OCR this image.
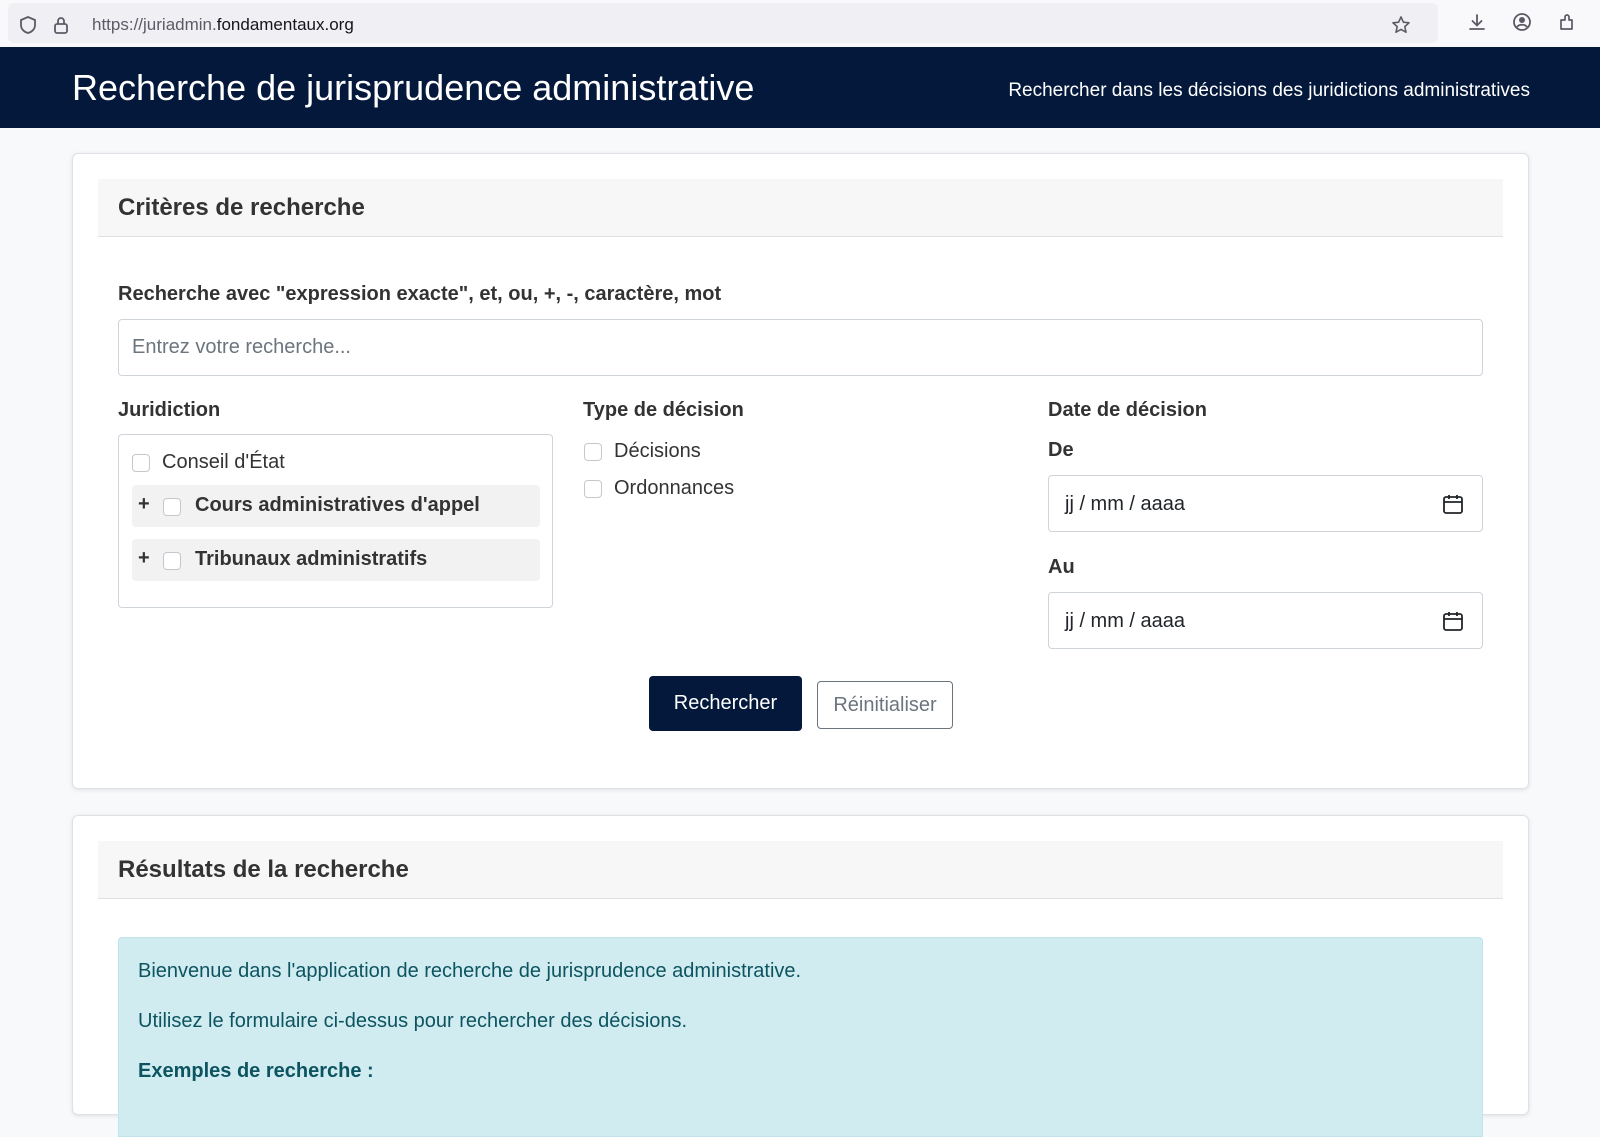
https://juriadmin.fondamentaux.org
Recherche de jurisprudence administrative	Rechercher dans les décisions des juridictions administratives
Critères de recherche
Recherche avec "expression exacte", et, ou, +, -, caractère, mot
Entrez votre recherche...
Juridiction
Conseil d'État
+ Cours administratives d'appel
+ Tribunaux administratifs
Type de décision
Décisions
Ordonnances
Date de décision
De
jj / mm / aaaa
Au
jj / mm / aaaa
Rechercher	Réinitialiser
Résultats de la recherche

Bienvenue dans l'application de recherche de jurisprudence administrative.

Utilisez le formulaire ci-dessus pour rechercher des décisions.

Exemples de recherche :
